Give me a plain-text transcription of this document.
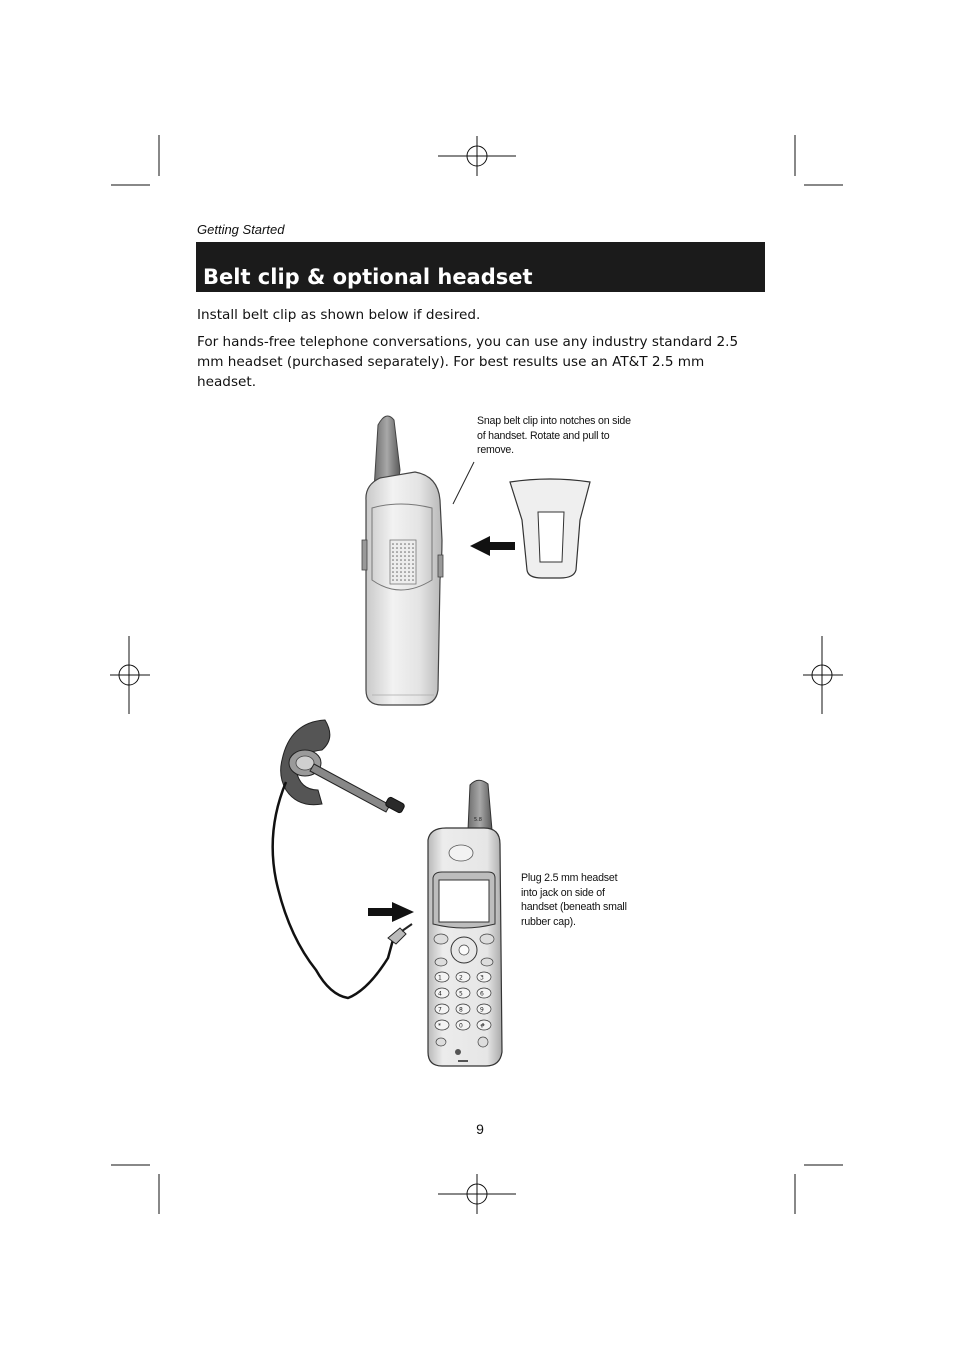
Getting Started
Belt clip & optional headset
Install belt clip as shown below if desired.
For hands-free telephone conversations, you can use any industry standard 2.5 mm headset (purchased separately). For best results use an AT&T 2.5 mm headset.
Snap belt clip into notches on side of handset. Rotate and pull to remove.
5.8
1	2	3
4	5	6
7	8	9
*	0	#
Plug 2.5 mm headset into jack on side of handset (beneath small rubber cap).
9
